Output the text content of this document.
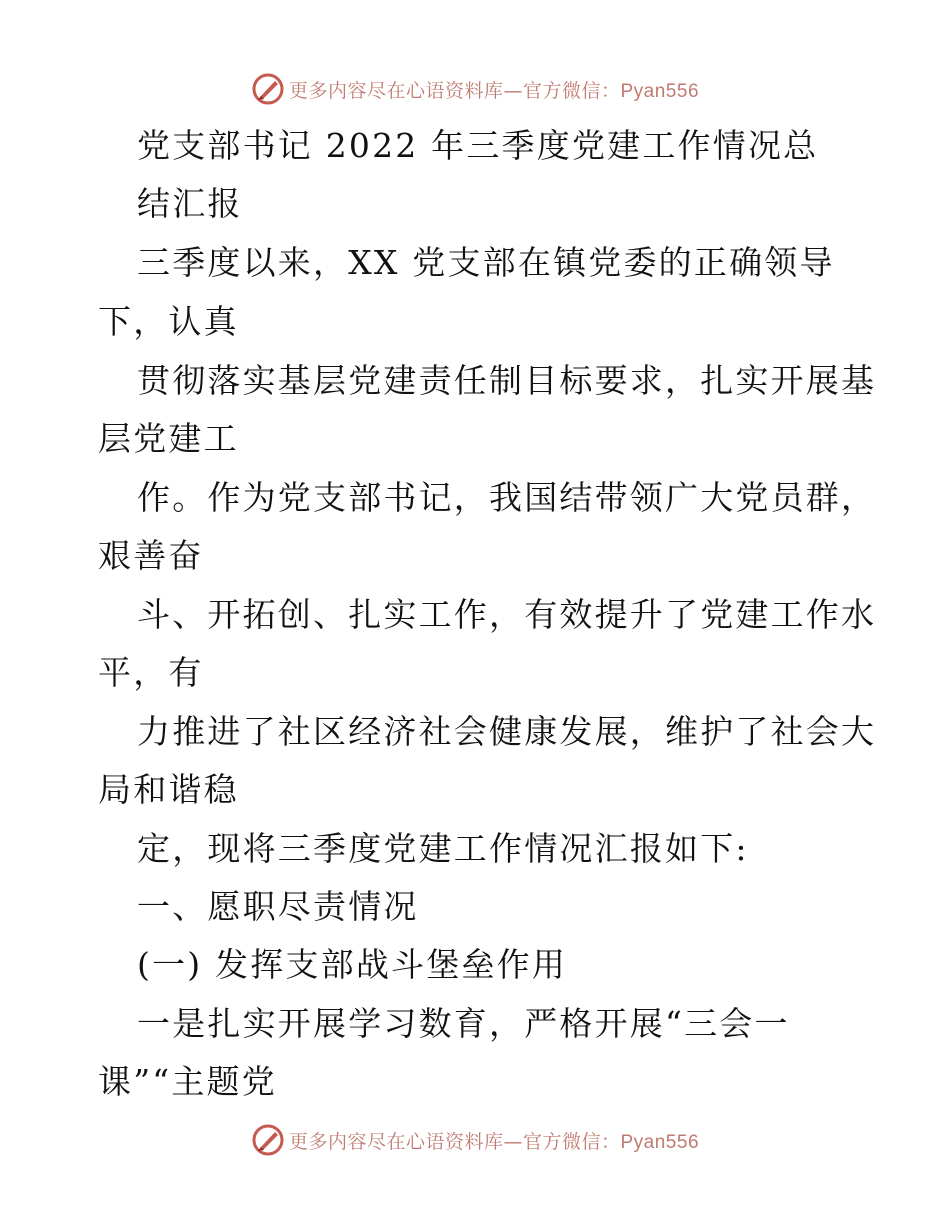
更多内容尽在心语资料库—官方微信：Pyan556
党支部书记 2022 年三季度党建工作情况总
结汇报
三季度以来，XX 党支部在镇党委的正确领导
下，认真
贯彻落实基层党建责任制目标要求，扎实开展基
层党建工
作。作为党支部书记，我国结带领广大党员群，
艰善奋
斗、开拓创、扎实工作，有效提升了党建工作水
平，有
力推进了社区经济社会健康发展，维护了社会大
局和谐稳
定，现将三季度党建工作情况汇报如下:
一、愿职尽责情况
(一) 发挥支部战斗堡垒作用
一是扎实开展学习数育，严格开展“三会一
课”“主题党
更多内容尽在心语资料库—官方微信：Pyan556
